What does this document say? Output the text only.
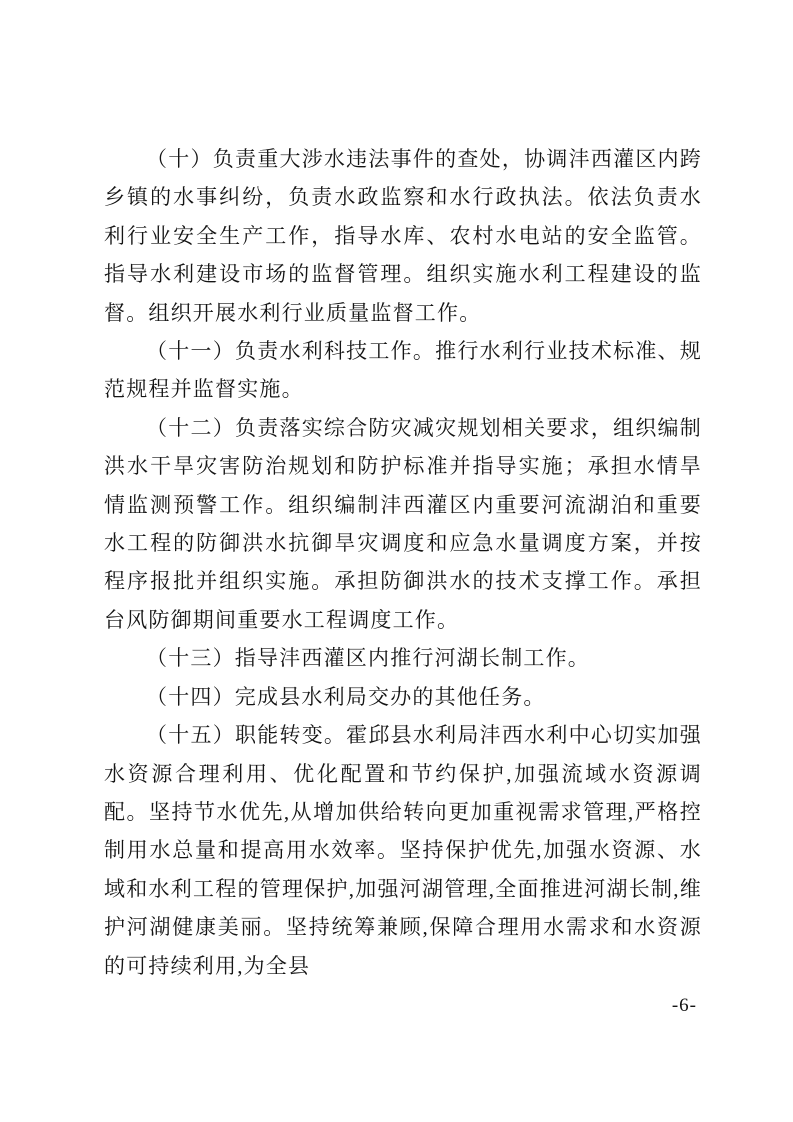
（十）负责重大涉水违法事件的查处，协调沣西灌区内跨乡镇的水事纠纷，负责水政监察和水行政执法。依法负责水利行业安全生产工作，指导水库、农村水电站的安全监管。 指导水利建设市场的监督管理。组织实施水利工程建设的监 督。组织开展水利行业质量监督工作。

（十一）负责水利科技工作。推行水利行业技术标准、规范规程并监督实施。

（十二）负责落实综合防灾减灾规划相关要求，组织编制洪水干旱灾害防治规划和防护标准并指导实施；承担水情旱情监测预警工作。组织编制沣西灌区内重要河流湖泊和重要水工程的防御洪水抗御旱灾调度和应急水量调度方案，并按程序报批并组织实施。承担防御洪水的技术支撑工作。承担台风防御期间重要水工程调度工作。

（十三）指导沣西灌区内推行河湖长制工作。

（十四）完成县水利局交办的其他任务。

（十五）职能转变。霍邱县水利局沣西水利中心切实加强水资源合理利用、优化配置和节约保护,加强流域水资源调配。坚持节水优先,从增加供给转向更加重视需求管理,严格控制用水总量和提高用水效率。坚持保护优先,加强水资源、水域和水利工程的管理保护,加强河湖管理,全面推进河湖长制,维护河湖健康美丽。坚持统筹兼顾,保障合理用水需求和水资源的可持续利用,为全县

-6-
